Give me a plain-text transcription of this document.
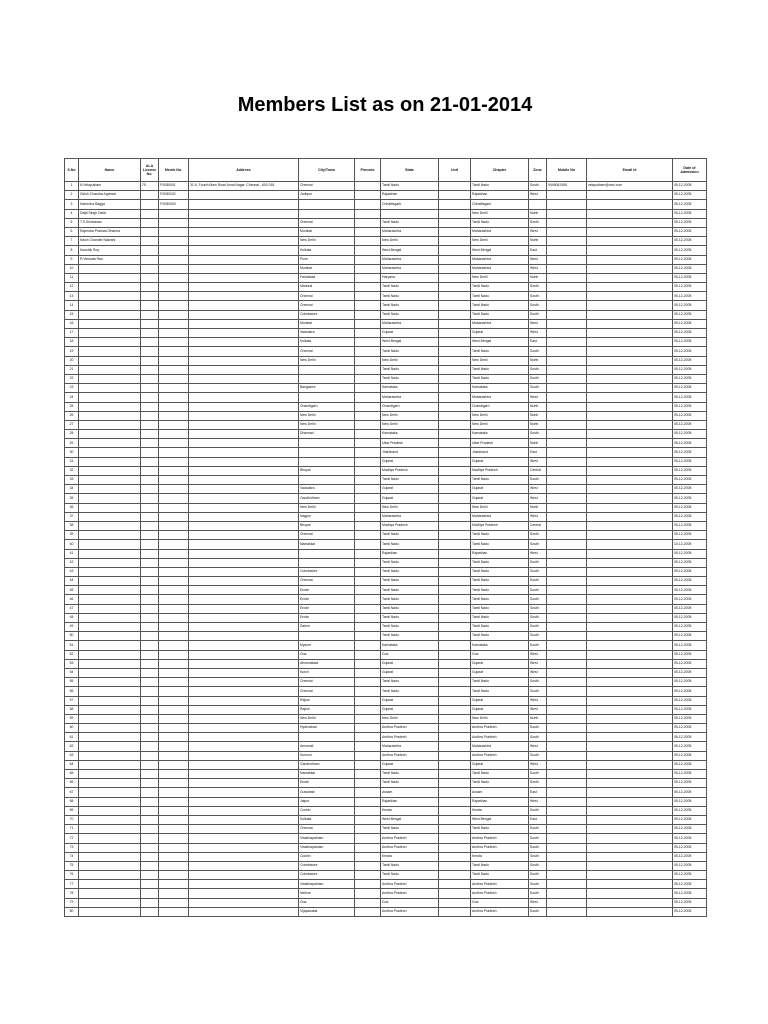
Members List as on 21-01-2014
S.No	Name	ALA License No.	Memb No.	Address	City/Town	Pincode	State	Unit	Chapter	Zone	Mobile No	Email id	Date of Admission
1	N.Velayutham	75	F/S/80001	31 A, Fourth Main Road Anna Nagar, Chennai - 600 018	Chennai		Tamil Nadu		Tamil Nadu	South	9445062456	velayutham@vsnl.com	05-12-2005
2	Girish Chandra Agarwal		F/S/80002		Jodhpur		Rajasthan		Rajasthan	West			05-12-2005
3	Narendra Bagga		F/S/80003				Chhattisgarh		Chhattisgarh				05-12-2005
4	Daljit Singh Dalal								New Delhi	North			05-12-2005
5	T.S.Srinivasan				Chennai		Tamil Nadu		Tamil Nadu	South			05-12-2005
6	Rajendra Prashad Sharma				Mumbai		Maharashtra		Maharashtra	West			05-12-2005
7	Navin Chander Nakrani				New Delhi		New Delhi		New Delhi	North			05-12-2005
8	Kaushik Roy				Kolkata		West Bengal		West Bengal	East			05-12-2005
9	R.Venkata Rao				Pune		Maharashtra		Maharashtra	West			05-12-2005
10					Mumbai		Maharashtra		Maharashtra	West			05-12-2005
11					Faridabad		Haryana		New Delhi	North			05-12-2005
12					Madurai		Tamil Nadu		Tamil Nadu	South			05-12-2005
13					Chennai		Tamil Nadu		Tamil Nadu	South			05-12-2005
14					Chennai		Tamil Nadu		Tamil Nadu	South			05-12-2005
15					Coimbatore		Tamil Nadu		Tamil Nadu	South			05-12-2005
16					Mumbai		Maharashtra		Maharashtra	West			05-12-2005
17					Vadodara		Gujarat		Gujarat	West			05-12-2005
18					Kolkata		West Bengal		West Bengal	East			05-12-2005
19					Chennai		Tamil Nadu		Tamil Nadu	South			05-12-2005
20					New Delhi		New Delhi		New Delhi	North			05-12-2005
21							Tamil Nadu		Tamil Nadu	South			05-12-2005
22							Tamil Nadu		Tamil Nadu	South			05-12-2005
23					Bangalore		Karnataka		Karnataka	South			05-12-2005
24							Maharashtra		Maharashtra	West			05-12-2005
25					Chandigarh		Chandigarh		Chandigarh	North			05-12-2005
26					New Delhi		New Delhi		New Delhi	North			05-12-2005
27					New Delhi		New Delhi		New Delhi	North			05-12-2005
28					Dharwad		Karnataka		Karnataka	South			05-12-2005
29							Uttar Pradesh		Uttar Pradesh	North			05-12-2005
30							Jharkhand		Jharkhand	East			05-12-2005
31							Gujarat		Gujarat	West			05-12-2005
32					Bhopal		Madhya Pradesh		Madhya Pradesh	Central			05-12-2005
33							Tamil Nadu		Tamil Nadu	South			05-12-2005
34					Vadodara		Gujarat		Gujarat	West			05-12-2005
35					Gandhidham		Gujarat		Gujarat	West			05-12-2005
36					New Delhi		New Delhi		New Delhi	North			05-12-2005
37					Nagpur		Maharashtra		Maharashtra	West			05-12-2005
38					Bhopal		Madhya Pradesh		Madhya Pradesh	Central			05-12-2005
39					Chennai		Tamil Nadu		Tamil Nadu	South			05-12-2005
40					Namakkal		Tamil Nadu		Tamil Nadu	South			10-12-2005
41							Rajasthan		Rajasthan	West			05-12-2005
42							Tamil Nadu		Tamil Nadu	South			05-12-2005
43					Coimbatore		Tamil Nadu		Tamil Nadu	South			05-12-2005
44					Chennai		Tamil Nadu		Tamil Nadu	South			05-12-2005
45					Erode		Tamil Nadu		Tamil Nadu	South			05-12-2005
46					Erode		Tamil Nadu		Tamil Nadu	South			05-12-2005
47					Erode		Tamil Nadu		Tamil Nadu	South			05-12-2005
48					Erode		Tamil Nadu		Tamil Nadu	South			05-12-2005
49					Salem		Tamil Nadu		Tamil Nadu	South			05-12-2005
50							Tamil Nadu		Tamil Nadu	South			05-12-2005
51					Mysore		Karnataka		Karnataka	South			05-12-2005
52					Goa		Goa		Goa	West			05-12-2005
53					Ahmedabad		Gujarat		Gujarat	West			05-12-2005
54					Kutch		Gujarat		Gujarat	West			05-12-2005
55					Chennai		Tamil Nadu		Tamil Nadu	South			05-12-2005
56					Chennai		Tamil Nadu		Tamil Nadu	South			05-12-2005
57					Rajkot		Gujarat		Gujarat	West			05-12-2005
58					Rajkot		Gujarat		Gujarat	West			05-12-2005
59					New Delhi		New Delhi		New Delhi	North			05-12-2005
60					Hyderabad		Andhra Pradesh		Andhra Pradesh	South			05-12-2005
61							Andhra Pradesh		Andhra Pradesh	South			05-12-2005
62					Amravati		Maharashtra		Maharashtra	West			05-12-2005
63					Kurnool		Andhra Pradesh		Andhra Pradesh	South			05-12-2005
64					Gandhidham		Gujarat		Gujarat	West			05-12-2005
65					Namakkal		Tamil Nadu		Tamil Nadu	South			05-12-2005
66					Erode		Tamil Nadu		Tamil Nadu	South			05-12-2005
67					Guwahati		Assam		Assam	East			05-12-2005
68					Jaipur		Rajasthan		Rajasthan	West			05-12-2005
69					Cochin		Kerala		Kerala	South			05-12-2005
70					Kolkata		West Bengal		West Bengal	East			05-12-2005
71					Chennai		Tamil Nadu		Tamil Nadu	South			05-12-2005
72					Visakhapatnam		Andhra Pradesh		Andhra Pradesh	South			05-12-2005
73					Visakhapatnam		Andhra Pradesh		Andhra Pradesh	South			05-12-2005
74					Cochin		Kerala		Kerala	South			05-12-2005
75					Coimbatore		Tamil Nadu		Tamil Nadu	South			05-12-2005
76					Coimbatore		Tamil Nadu		Tamil Nadu	South			05-12-2005
77					Visakhapatnam		Andhra Pradesh		Andhra Pradesh	South			05-12-2005
78					Nellore		Andhra Pradesh		Andhra Pradesh	South			05-12-2005
79					Goa		Goa		Goa	West			05-12-2005
80					Vijayawada		Andhra Pradesh		Andhra Pradesh	South			05-12-2005
